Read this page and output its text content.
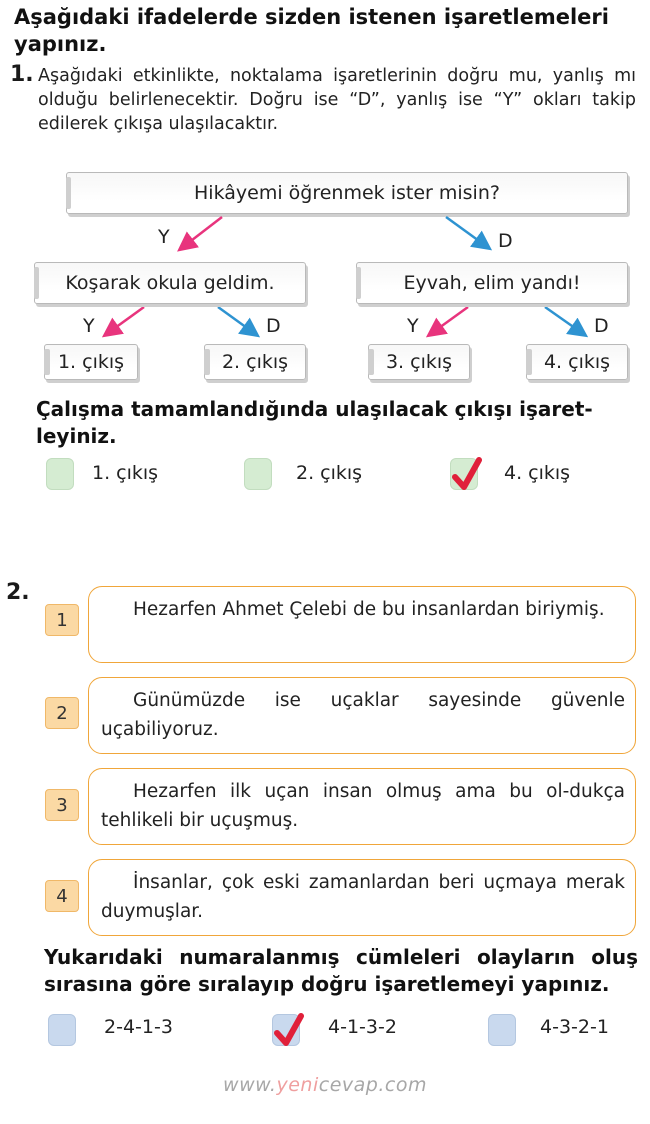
Aşağıdaki ifadelerde sizden istenen işaretlemeleri yapınız.
1. Aşağıdaki etkinlikte, noktalama işaretlerinin doğru mu, yanlış mı olduğu belirlenecektir. Doğru ise “D”, yanlış ise “Y” okları takip edilerek çıkışa ulaşılacaktır.
Hikâyemi öğrenmek ister misin?
Y	D
Koşarak okula geldim.	Eyvah, elim yandı!
Y	D	Y	D
1. çıkış	2. çıkış	3. çıkış	4. çıkış
Çalışma tamamlandığında ulaşılacak çıkışı işaret-leyiniz.
1. çıkış	2. çıkış	4. çıkış
2.
1	Hezarfen Ahmet Çelebi de bu insanlardan biriymiş.
2
Günümüzde ise uçaklar sayesinde güvenle uçabiliyoruz.
3
Hezarfen ilk uçan insan olmuş ama bu ol-dukça tehlikeli bir uçuşmuş.
4
İnsanlar, çok eski zamanlardan beri uçmaya merak duymuşlar.
Yukarıdaki numaralanmış cümleleri olayların oluş sırasına göre sıralayıp doğru işaretlemeyi yapınız.
2-4-1-3	4-1-3-2	4-3-2-1
www.yenicevap.com
